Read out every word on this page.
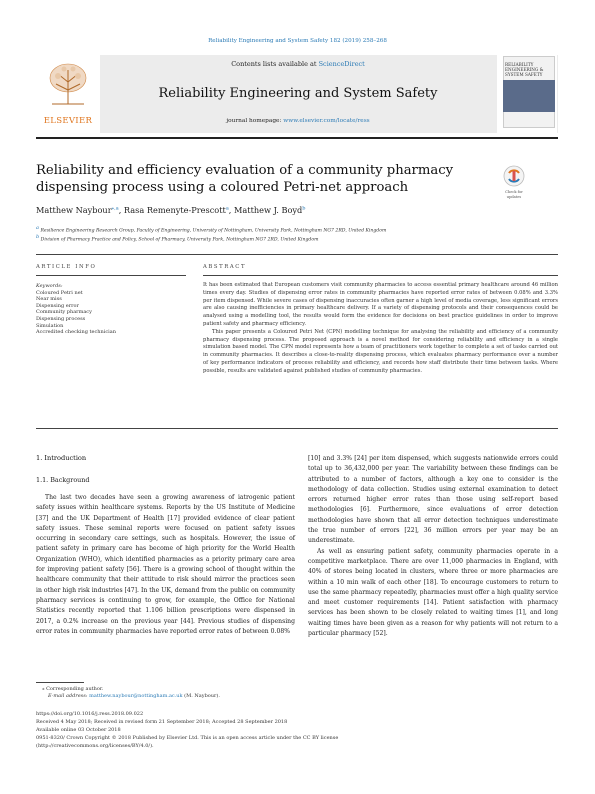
Reliability Engineering and System Safety 182 (2019) 258–268
ELSEVIER
Contents lists available at ScienceDirect
Reliability Engineering and System Safety
journal homepage: www.elsevier.com/locate/ress
RELIABILITY ENGINEERING & SYSTEM SAFETY
Reliability and efficiency evaluation of a community pharmacy dispensing process using a coloured Petri-net approach	Check for
updates
Matthew Naybour$^{⁎,a}$, Rasa Remenyte-Prescott$^a$, Matthew J. Boyd$^b$
a Resilience Engineering Research Group, Faculty of Engineering, University of Nottingham, University Park, Nottingham NG7 2RD, United Kingdom
b Division of Pharmacy Practice and Policy, School of Pharmacy, University Park, Nottingham NG7 2RD, United Kingdom
ARTICLE INFO	ABSTRACT
Keywords:
Coloured Petri net
Near miss
Dispensing error
Community pharmacy
Dispensing process
Simulation
Accredited checking technician

It has been estimated that European customers visit community pharmacies to access essential primary healthcare around 46 million times every day. Studies of dispensing error rates in community pharmacies have reported error rates of between 0.08% and 3.3% per item dispensed. While severe cases of dispensing inaccuracies often garner a high level of media coverage, less significant errors are also causing inefficiencies in primary healthcare delivery. If a variety of dispensing protocols and their consequences could be analysed using a modelling tool, the results would form the evidence for decisions on best practice guidelines in order to improve patient safety and pharmacy efficiency.

This paper presents a Coloured Petri Net (CPN) modelling technique for analysing the reliability and efficiency of a community pharmacy dispensing process. The proposed approach is a novel method for considering reliability and efficiency in a single simulation based model. The CPN model represents how a team of practitioners work together to complete a set of tasks carried out in community pharmacies. It describes a close-to-reality dispensing process, which evaluates pharmacy performance over a number of key performance indicators of process reliability and efficiency, and records how staff distribute their time between tasks. Where possible, results are validated against published studies of community pharmacies.

1. Introduction
1.1. Background

The last two decades have seen a growing awareness of iatrogenic patient safety issues within healthcare systems. Reports by the US Institute of Medicine [37] and the UK Department of Health [17] provided evidence of clear patient safety issues. These seminal reports were focused on patient safety issues occurring in secondary care settings, such as hospitals. However, the issue of patient safety in primary care has become of high priority for the World Health Organization (WHO), which identified pharmacies as a priority primary care area for improving patient safety [56]. There is a growing school of thought within the healthcare community that their attitude to risk should mirror the practices seen in other high risk industries [47]. In the UK, demand from the public on community pharmacy services is continuing to grow, for example, the Office for National Statistics recently reported that 1.106 billion prescriptions were dispensed in 2017, a 0.2% increase on the previous year [44]. Previous studies of dispensing error rates in community pharmacies have reported error rates of between 0.08%

[10] and 3.3% [24] per item dispensed, which suggests nationwide errors could total up to 36,432,000 per year. The variability between these findings can be attributed to a number of factors, although a key one to consider is the methodology of data collection. Studies using external examination to detect errors returned higher error rates than those using self-report based methodologies [6]. Furthermore, since evaluations of error detection methodologies have shown that all error detection techniques underestimate the true number of errors [22], 36 million errors per year may be an underestimate.

As well as ensuring patient safety, community pharmacies operate in a competitive marketplace. There are over 11,000 pharmacies in England, with 40% of stores being located in clusters, where three or more pharmacies are within a 10 min walk of each other [18]. To encourage customers to return to use the same pharmacy repeatedly, pharmacies must offer a high quality service and meet customer requirements [14]. Patient satisfaction with pharmacy services has been shown to be closely related to waiting times [1], and long waiting times have been given as a reason for why patients will not return to a particular pharmacy [52].

⁎ Corresponding author.
E-mail address: matthew.naybour@nottingham.ac.uk (M. Naybour).
https://doi.org/10.1016/j.ress.2018.09.022
Received 4 May 2018; Received in revised form 21 September 2018; Accepted 28 September 2018
Available online 03 October 2018
0951-8320/ Crown Copyright © 2018 Published by Elsevier Ltd. This is an open access article under the CC BY license
(http://creativecommons.org/licenses/BY/4.0/).
